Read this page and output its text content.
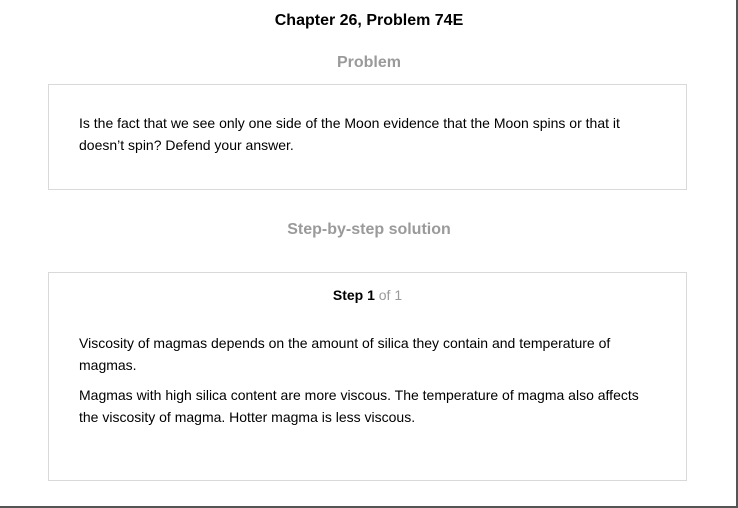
Chapter 26, Problem 74E
Problem

Is the fact that we see only one side of the Moon evidence that the Moon spins or that it doesn’t spin? Defend your answer.

Step-by-step solution
Step 1 of 1

Viscosity of magmas depends on the amount of silica they contain and temperature of magmas.

Magmas with high silica content are more viscous. The temperature of magma also affects the viscosity of magma. Hotter magma is less viscous.
